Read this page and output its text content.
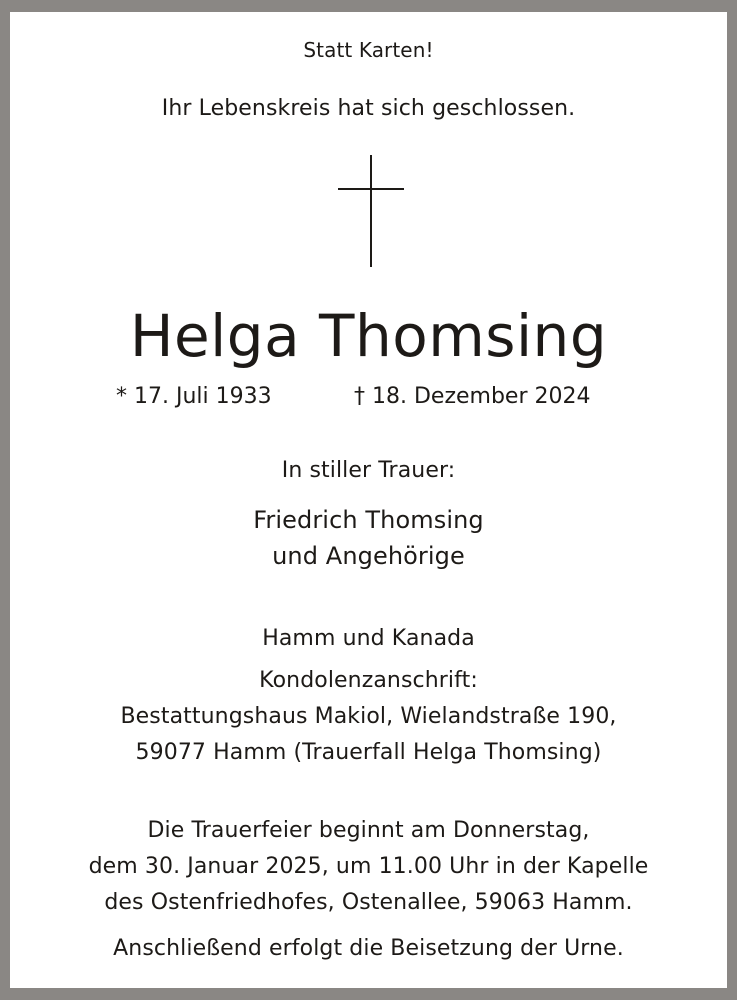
Statt Karten!
Ihr Lebenskreis hat sich geschlossen.
Helga Thomsing
* 17. Juli 1933	† 18. Dezember 2024
In stiller Trauer:
Friedrich Thomsing
und Angehörige
Hamm und Kanada
Kondolenzanschrift:
Bestattungshaus Makiol, Wielandstraße 190,
59077 Hamm (Trauerfall Helga Thomsing)
Die Trauerfeier beginnt am Donnerstag,
dem 30. Januar 2025, um 11.00 Uhr in der Kapelle
des Ostenfriedhofes, Ostenallee, 59063 Hamm.
Anschließend erfolgt die Beisetzung der Urne.
